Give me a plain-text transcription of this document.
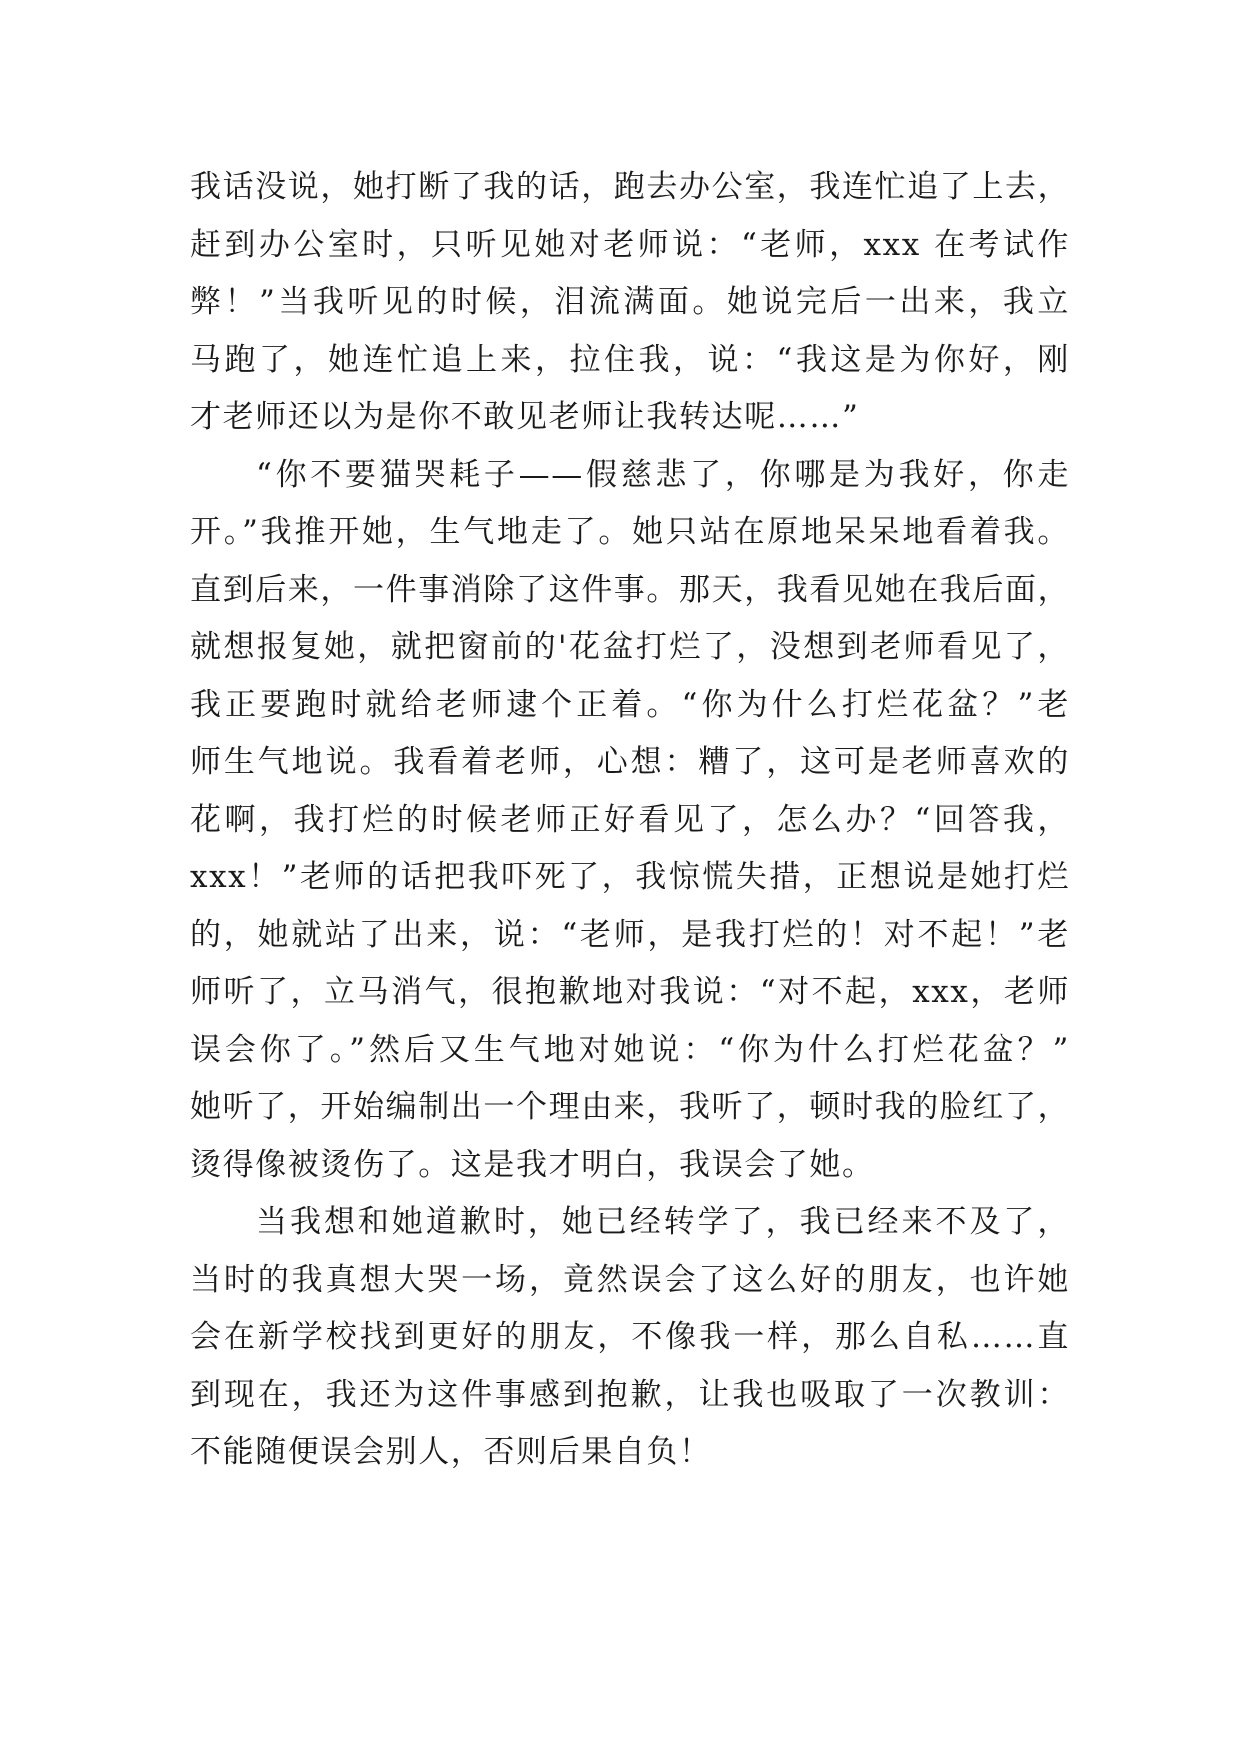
我话没说，她打断了我的话，跑去办公室，我连忙追了上去，
赶到办公室时，只听见她对老师说：“老师，xxx 在考试作
弊！”当我听见的时候，泪流满面。她说完后一出来，我立
马跑了，她连忙追上来，拉住我，说：“我这是为你好，刚
才老师还以为是你不敢见老师让我转达呢……”
“你不要猫哭耗子——假慈悲了，你哪是为我好，你走
开。”我推开她，生气地走了。她只站在原地呆呆地看着我。
直到后来，一件事消除了这件事。那天，我看见她在我后面，
就想报复她，就把窗前的'花盆打烂了，没想到老师看见了，
我正要跑时就给老师逮个正着。“你为什么打烂花盆？”老
师生气地说。我看着老师，心想：糟了，这可是老师喜欢的
花啊，我打烂的时候老师正好看见了，怎么办？“回答我，
xxx！”老师的话把我吓死了，我惊慌失措，正想说是她打烂
的，她就站了出来，说：“老师，是我打烂的！对不起！”老
师听了，立马消气，很抱歉地对我说：“对不起，xxx，老师
误会你了。”然后又生气地对她说：“你为什么打烂花盆？”
她听了，开始编制出一个理由来，我听了，顿时我的脸红了，
烫得像被烫伤了。这是我才明白，我误会了她。
当我想和她道歉时，她已经转学了，我已经来不及了，
当时的我真想大哭一场，竟然误会了这么好的朋友，也许她
会在新学校找到更好的朋友，不像我一样，那么自私……直
到现在，我还为这件事感到抱歉，让我也吸取了一次教训：
不能随便误会别人，否则后果自负！
